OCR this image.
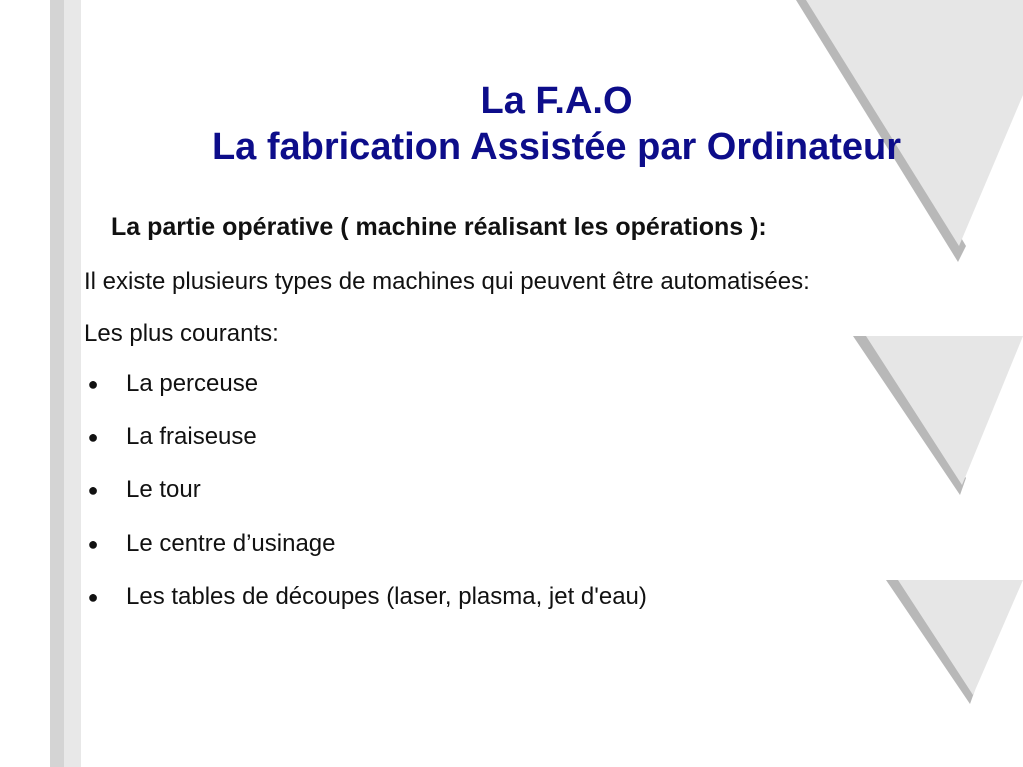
La F.A.O
La fabrication Assistée par Ordinateur
La partie opérative ( machine réalisant les opérations ):
Il existe plusieurs types de machines qui peuvent être automatisées:
Les plus courants:
● La perceuse
● La fraiseuse
● Le tour
● Le centre d’usinage
● Les tables de découpes (laser, plasma, jet d'eau)
